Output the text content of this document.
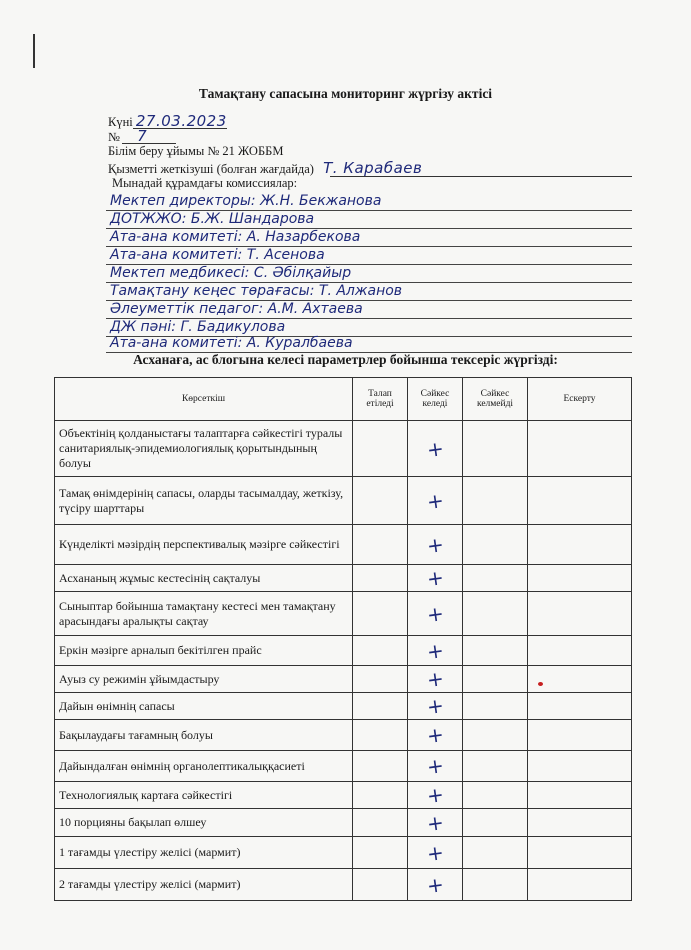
Тамақтану сапасына мониторинг жүргізу актісі
Күні 27.03.2023
№ 7
Білім беру ұйымы № 21 ЖОББМ
Қызметті жеткізуші (болған жағдайда) Т. Карабаев
Мынадай құрамдағы комиссиялар:
Мектеп директоры: Ж.Н. Бекжанова
ДОТЖЖО: Б.Ж. Шандарова
Ата-ана комитеті: А. Назарбекова
Ата-ана комитеті: Т. Асенова
Мектеп медбикесі: С. Әбілқайыр
Тамақтану кеңес төрағасы: Т. Алжанов
Әлеуметтік педагог: А.М. Ахтаева
ДЖ пәні: Г. Бадикулова
Ата-ана комитеті: А. Куралбаева
Асханаға, ас блогына келесі параметрлер бойынша тексеріс жүргізді:
Көрсеткіш	Талап етіледі	Сәйкес келеді	Сәйкес келмейді	Ескерту
Объектінің қолданыстағы талаптарға сәйкестігі туралы санитариялық-эпидемиологиялық қорытындының болуы		+		
Тамақ өнімдерінің сапасы, оларды тасымалдау, жеткізу, түсіру шарттары		+		
Күнделікті мәзірдің перспективалық мәзірге сәйкестігі		+		
Асхананың жұмыс кестесінің сақталуы		+		
Сыныптар бойынша тамақтану кестесі мен тамақтану арасындағы аралықты сақтау		+		
Еркін мәзірге арналып бекітілген прайс		+		
Ауыз су режимін ұйымдастыру		+		
Дайын өнімнің сапасы		+		
Бақылаудағы тағамның болуы		+		
Дайындалған өнімнің органолептикалыққасиеті		+		
Технологиялық картаға сәйкестігі		+		
10 порцияны бақылап өлшеу		+		
1 тағамды үлестіру желісі (мармит)		+		
2 тағамды үлестіру желісі (мармит)		+		
